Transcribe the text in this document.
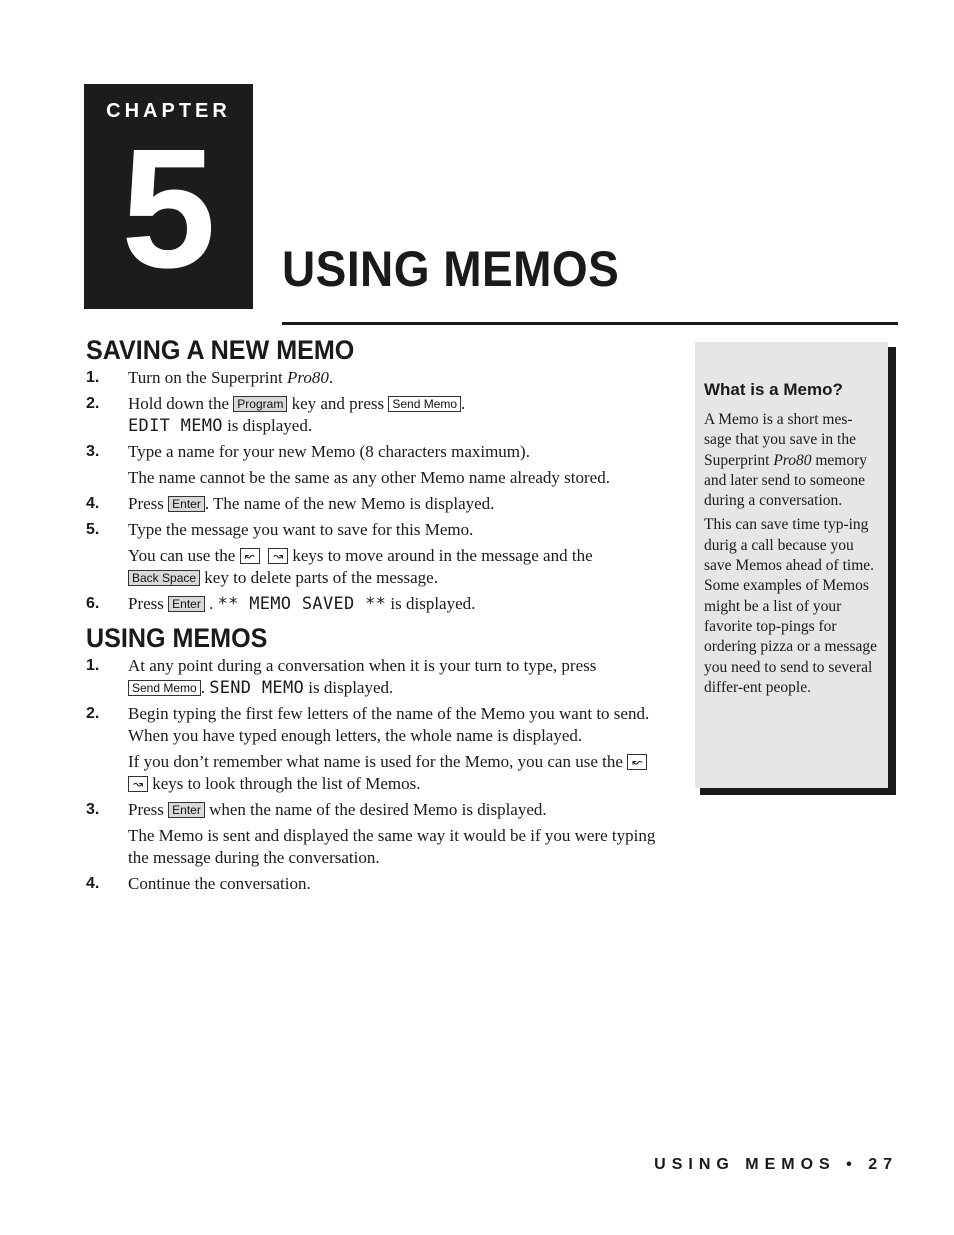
CHAPTER
5	USING MEMOS
SAVING A NEW MEMO
1. Turn on the Superprint Pro80.
2. Hold down the Program key and press Send Memo .
EDIT MEMO is displayed.
3. Type a name for your new Memo (8 characters maximum).

The name cannot be the same as any other Memo name already stored.

4. Press Enter . The name of the new Memo is displayed.
5. Type the message you want to save for this Memo.

You can use the ↜ ↝ keys to move around in the message and the
Back Space key to delete parts of the message.

6. Press Enter . ** MEMO SAVED ** is displayed.
USING MEMOS
1. At any point during a conversation when it is your turn to type, press Send Memo . SEND MEMO is displayed.
2. Begin typing the first few letters of the name of the Memo you want to send. When you have typed enough letters, the whole name is displayed.

If you don’t remember what name is used for the Memo, you can use the ↜  ↝ keys to look through the list of Memos.

3. Press Enter when the name of the desired Memo is displayed.

The Memo is sent and displayed the same way it would be if you were typing the message during the conversation.

4. Continue the conversation.
What is a Memo?

A Memo is a short mes-sage that you save in the Superprint Pro80 memory and later send to someone during a conversation.

This can save time typ-ing durig a call because you save Memos ahead of time. Some examples of Memos might be a list of your favorite top-pings for ordering pizza or a message you need to send to several differ-ent people.

USING MEMOS • 27
